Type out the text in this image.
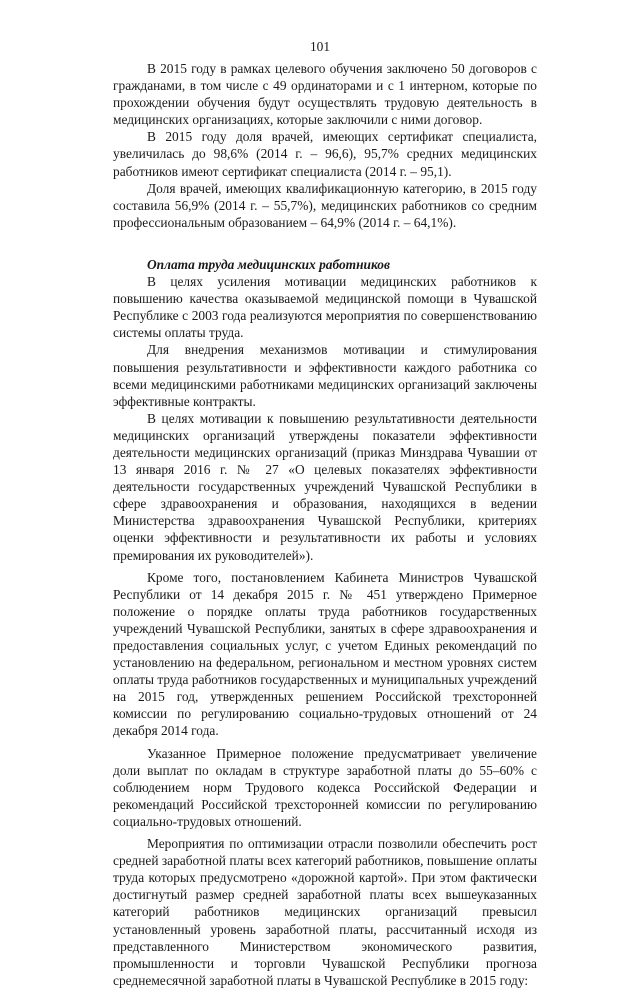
101

В 2015 году в рамках целевого обучения заключено 50 договоров с гражданами, в том числе с 49 ординаторами и с 1 интерном, которые по прохождении обучения будут осуществлять трудовую деятельность в медицинских организациях, которые заключили с ними договор.

В 2015 году доля врачей, имеющих сертификат специалиста, увеличилась до 98,6% (2014 г. – 96,6), 95,7% средних медицинских работников имеют сертификат специалиста (2014 г. – 95,1).

Доля врачей, имеющих квалификационную категорию, в 2015 году составила 56,9% (2014 г. – 55,7%), медицинских работников со средним профессиональным образованием – 64,9% (2014 г. – 64,1%).

Оплата труда медицинских работников

В целях усиления мотивации медицинских работников к повышению качества оказываемой медицинской помощи в Чувашской Республике с 2003 года реализуются мероприятия по совершенствованию системы оплаты труда.

Для внедрения механизмов мотивации и стимулирования повышения результативности и эффективности каждого работника со всеми медицинскими работниками медицинских организаций заключены эффективные контракты.

В целях мотивации к повышению результативности деятельности медицинских организаций утверждены показатели эффективности деятельности медицинских организаций (приказ Минздрава Чувашии от 13 января 2016 г. № 27 «О целевых показателях эффективности деятельности государственных учреждений Чувашской Республики в сфере здравоохранения и образования, находящихся в ведении Министерства здравоохранения Чувашской Республики, критериях оценки эффективности и результативности их работы и условиях премирования их руководителей»).

Кроме того, постановлением Кабинета Министров Чувашской Республики от 14 декабря 2015 г. № 451 утверждено Примерное положение о порядке оплаты труда работников государственных учреждений Чувашской Республики, занятых в сфере здравоохранения и предоставления социальных услуг, с учетом Единых рекомендаций по установлению на федеральном, региональном и местном уровнях систем оплаты труда работников государственных и муниципальных учреждений на 2015 год, утвержденных решением Российской трехсторонней комиссии по регулированию социально-трудовых отношений от 24 декабря 2014 года.

Указанное Примерное положение предусматривает увеличение доли выплат по окладам в структуре заработной платы до 55–60% с соблюдением норм Трудового кодекса Российской Федерации и рекомендаций Российской трехсторонней комиссии по регулированию социально-трудовых отношений.

Мероприятия по оптимизации отрасли позволили обеспечить рост средней заработной платы всех категорий работников, повышение оплаты труда которых предусмотрено «дорожной картой». При этом фактически достигнутый размер средней заработной платы всех вышеуказанных категорий работников медицинских организаций превысил установленный уровень заработной платы, рассчитанный исходя из представленного Министерством экономического развития, промышленности и торговли Чувашской Республики прогноза среднемесячной заработной платы в Чувашской Республике в 2015 году:
